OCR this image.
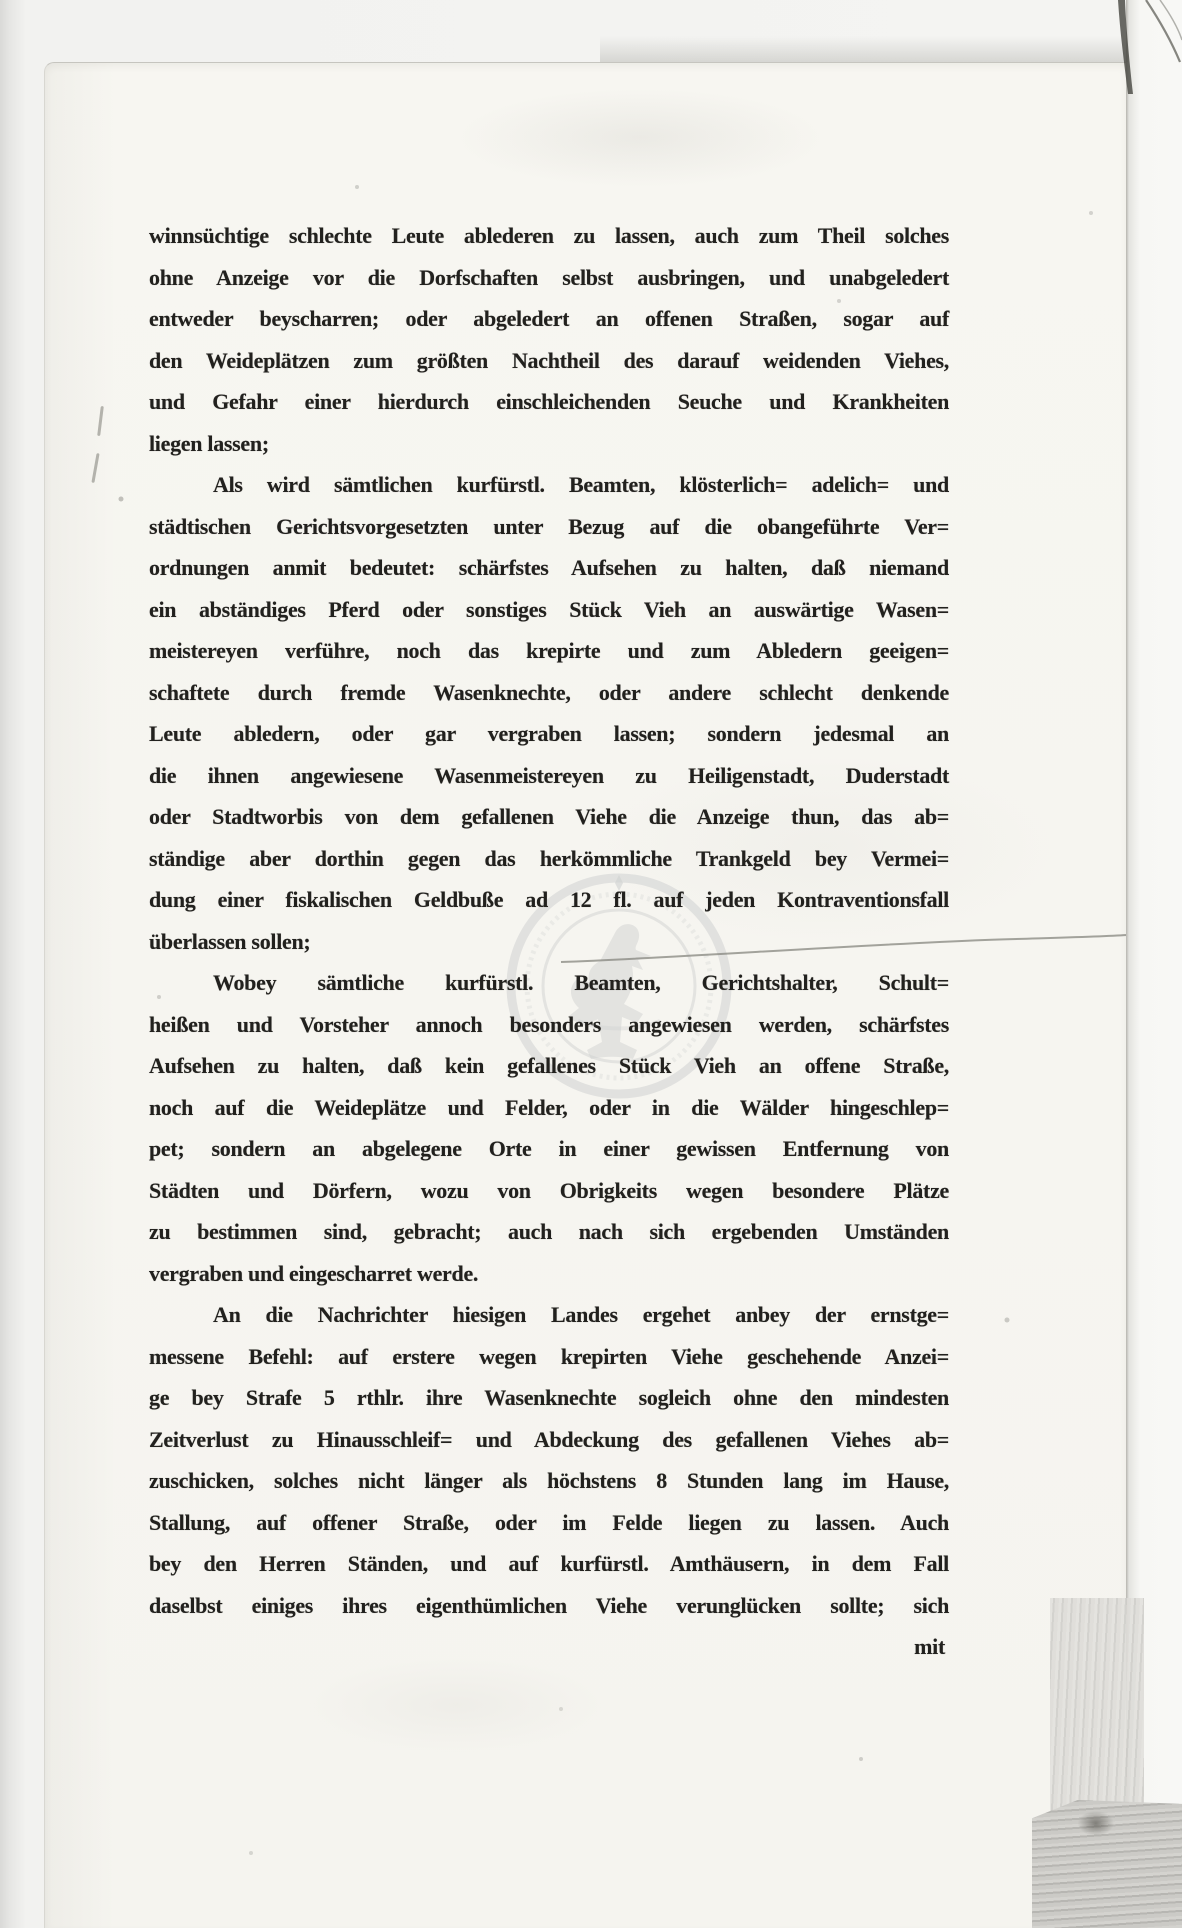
winnsüchtige schlechte Leute ablederen zu lassen, auch zum Theil solches
ohne Anzeige vor die Dorfschaften selbst ausbringen, und unabgeledert
entweder beyscharren; oder abgeledert an offenen Straßen, sogar auf
den Weideplätzen zum größten Nachtheil des darauf weidenden Viehes,
und Gefahr einer hierdurch einschleichenden Seuche und Krankheiten
liegen lassen;
Als wird sämtlichen kurfürstl. Beamten, klösterlich= adelich= und
städtischen Gerichtsvorgesetzten unter Bezug auf die obangeführte Ver=
ordnungen anmit bedeutet: schärfstes Aufsehen zu halten, daß niemand
ein abständiges Pferd oder sonstiges Stück Vieh an auswärtige Wasen=
meistereyen verführe, noch das krepirte und zum Abledern geeigen=
schaftete durch fremde Wasenknechte, oder andere schlecht denkende
Leute abledern, oder gar vergraben lassen; sondern jedesmal an
die ihnen angewiesene Wasenmeistereyen zu Heiligenstadt, Duderstadt
oder Stadtworbis von dem gefallenen Viehe die Anzeige thun, das ab=
ständige aber dorthin gegen das herkömmliche Trankgeld bey Vermei=
dung einer fiskalischen Geldbuße ad 12 fl. auf jeden Kontraventionsfall
überlassen sollen;
Wobey sämtliche kurfürstl. Beamten, Gerichtshalter, Schult=
heißen und Vorsteher annoch besonders angewiesen werden, schärfstes
Aufsehen zu halten, daß kein gefallenes Stück Vieh an offene Straße,
noch auf die Weideplätze und Felder, oder in die Wälder hingeschlep=
pet; sondern an abgelegene Orte in einer gewissen Entfernung von
Städten und Dörfern, wozu von Obrigkeits wegen besondere Plätze
zu bestimmen sind, gebracht; auch nach sich ergebenden Umständen
vergraben und eingescharret werde.
An die Nachrichter hiesigen Landes ergehet anbey der ernstge=
messene Befehl: auf erstere wegen krepirten Viehe geschehende Anzei=
ge bey Strafe 5 rthlr. ihre Wasenknechte sogleich ohne den mindesten
Zeitverlust zu Hinausschleif= und Abdeckung des gefallenen Viehes ab=
zuschicken, solches nicht länger als höchstens 8 Stunden lang im Hause,
Stallung, auf offener Straße, oder im Felde liegen zu lassen. Auch
bey den Herren Ständen, und auf kurfürstl. Amthäusern, in dem Fall
daselbst einiges ihres eigenthümlichen Viehe verunglücken sollte; sich
mit
